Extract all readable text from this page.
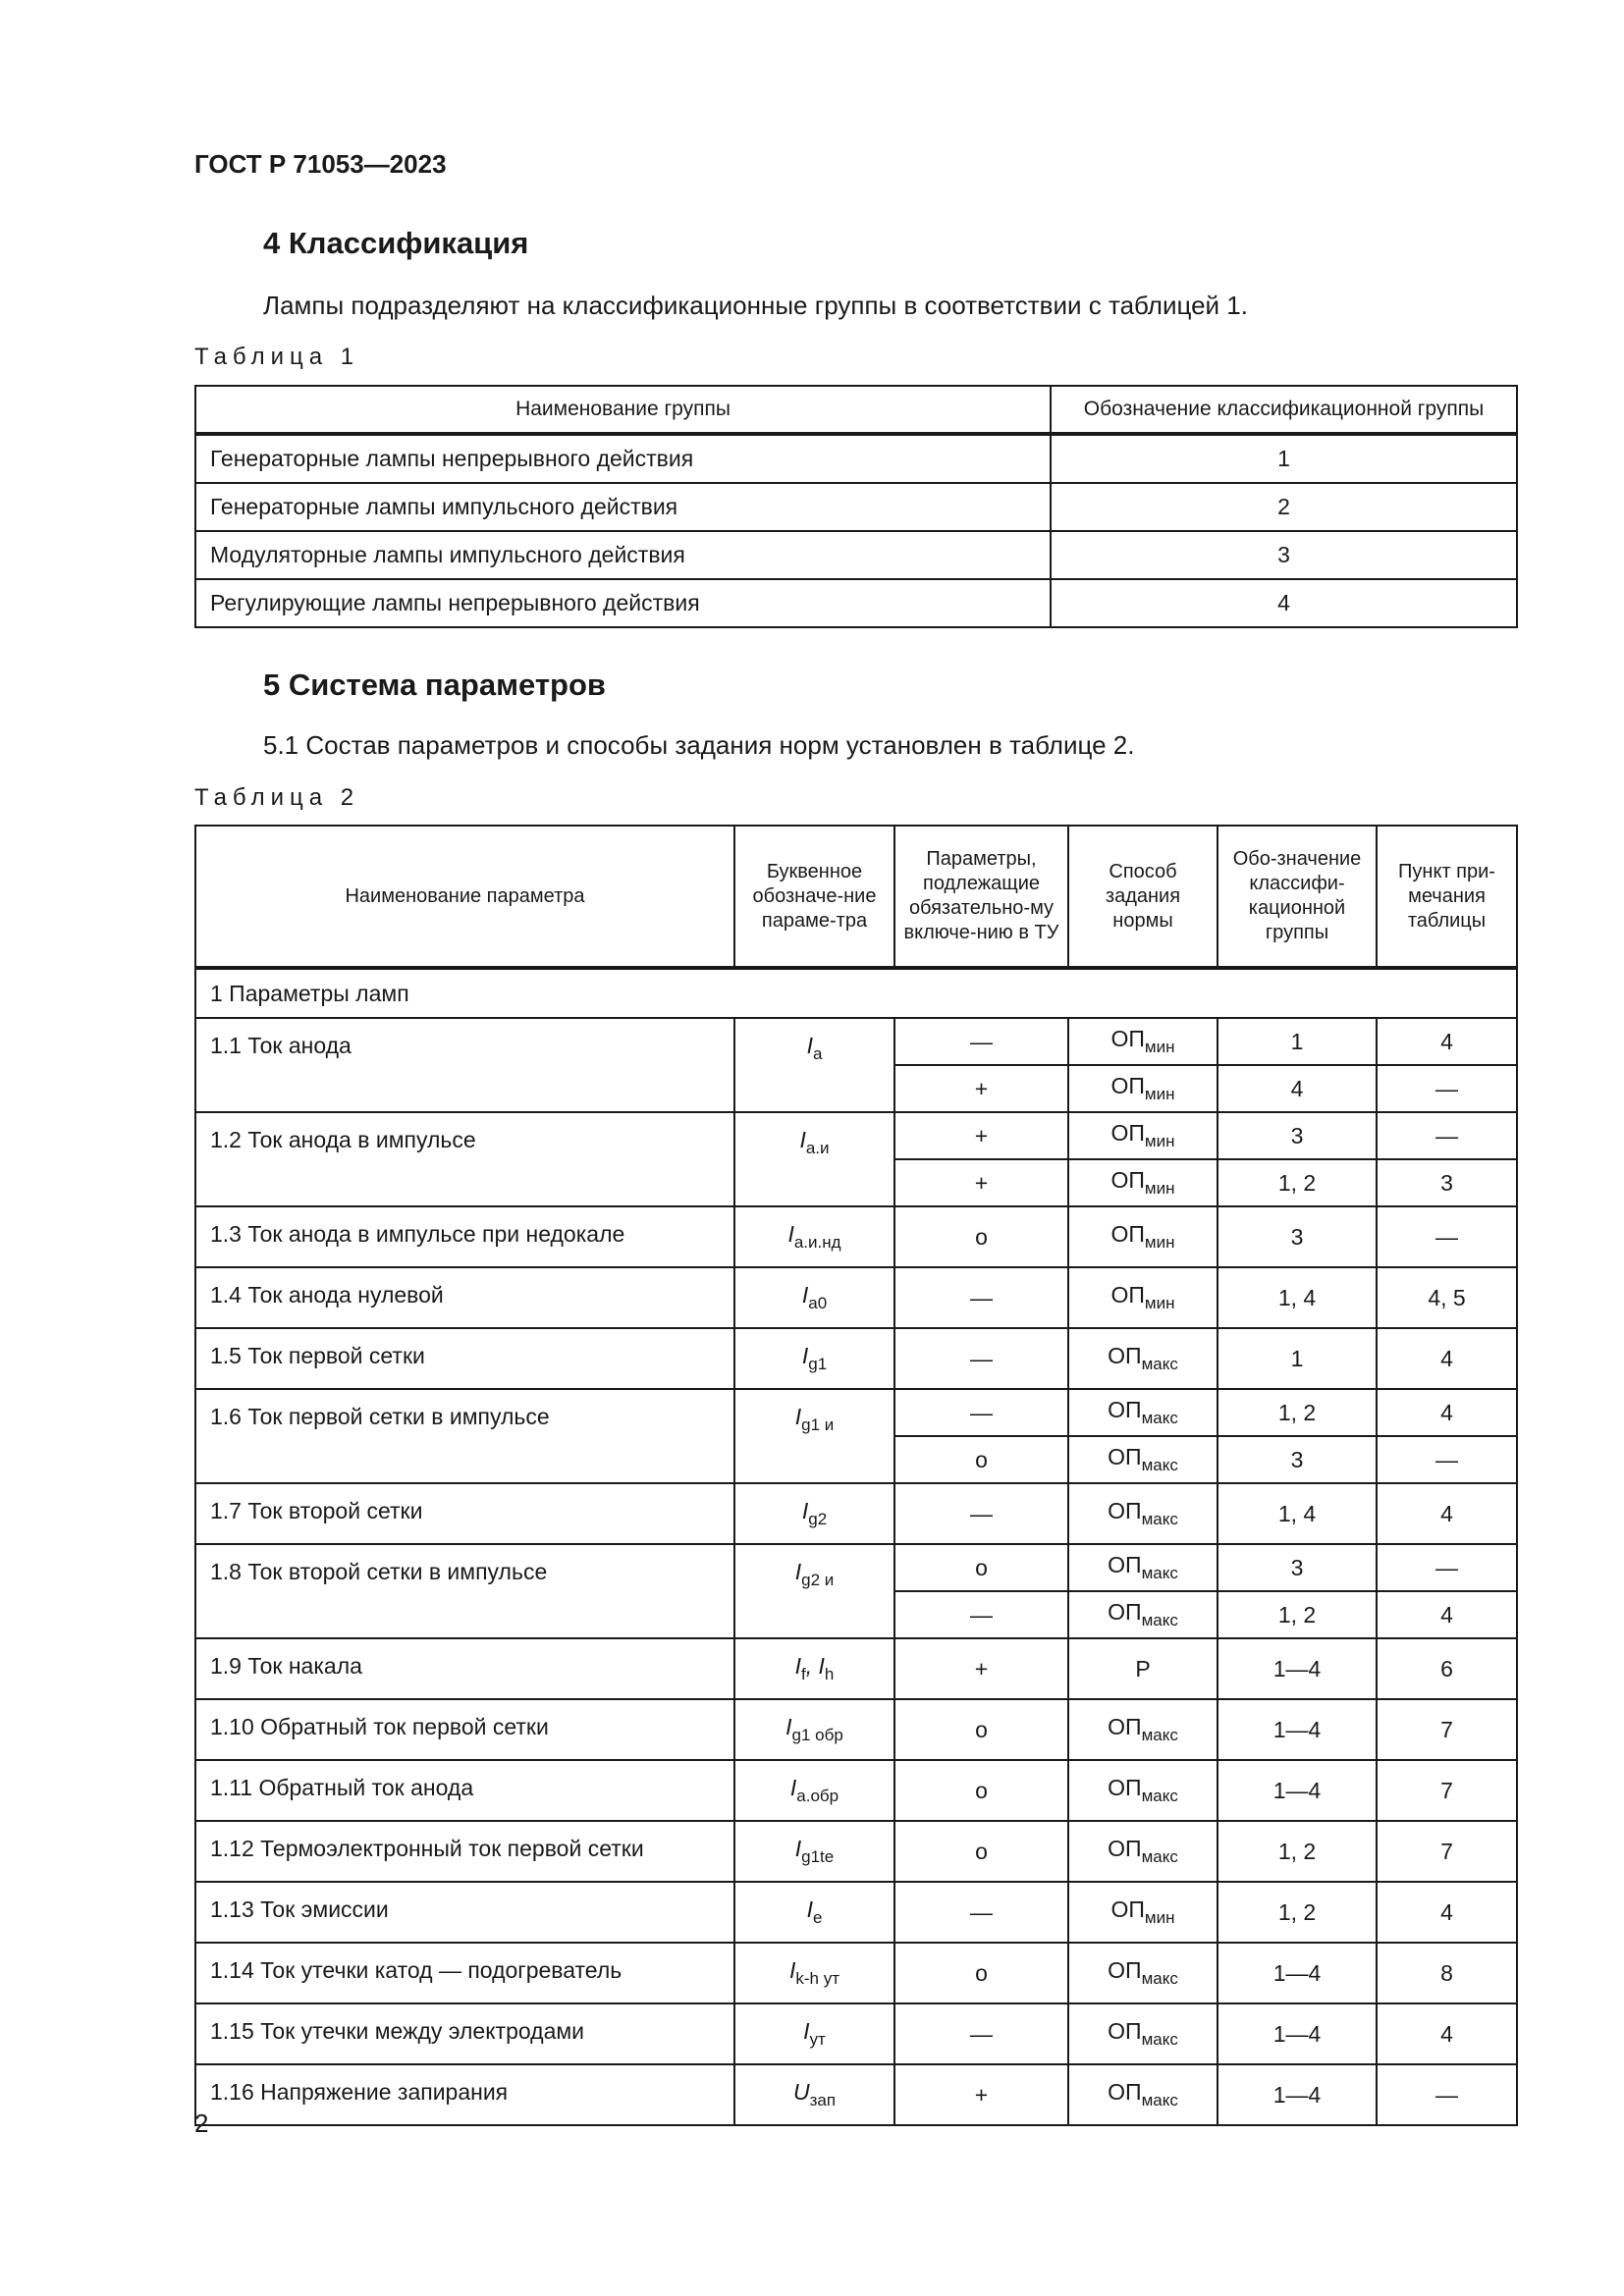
ГОСТ Р 71053—2023
4 Классификация
Лампы подразделяют на классификационные группы в соответствии с таблицей 1.
Таблица 1
Наименование группы	Обозначение классификационной группы
Генераторные лампы непрерывного действия	1
Генераторные лампы импульсного действия	2
Модуляторные лампы импульсного действия	3
Регулирующие лампы непрерывного действия	4
5 Система параметров
5.1 Состав параметров и способы задания норм установлен в таблице 2.
Таблица 2
Наименование параметра	Буквенное обозначе-ние параме-тра	Параметры, подлежащие обязательно-му включе-нию в ТУ	Способ задания нормы	Обо-значение классифи-кационной группы	Пункт при-мечания таблицы
1 Параметры ламп					
1.1 Ток анода	$I_a$	—	$ОП_{мин}$	1	4
		+	$ОП_{мин}$	4	—
1.2 Ток анода в импульсе	$I_{а.и}$	+	$ОП_{мин}$	3	—
		+	$ОП_{мин}$	1, 2	3
1.3 Ток анода в импульсе при недокале	$I_{а.и.нд}$	о	$ОП_{мин}$	3	—
1.4 Ток анода нулевой	$I_{а0}$	—	$ОП_{мин}$	1, 4	4, 5
1.5 Ток первой сетки	$I_{g1}$	—	$ОП_{макс}$	1	4
1.6 Ток первой сетки в импульсе	$I_{g1 и}$	—	$ОП_{макс}$	1, 2	4
		о	$ОП_{макс}$	3	—
1.7 Ток второй сетки	$I_{g2}$	—	$ОП_{макс}$	1, 4	4
1.8 Ток второй сетки в импульсе	$I_{g2 и}$	о	$ОП_{макс}$	3	—
		—	$ОП_{макс}$	1, 2	4
1.9 Ток накала	$I_f$, $I_h$	+	Р	1—4	6
1.10 Обратный ток первой сетки	$I_{g1 обр}$	о	$ОП_{макс}$	1—4	7
1.11 Обратный ток анода	$I_{а.обр}$	о	$ОП_{макс}$	1—4	7
1.12 Термоэлектронный ток первой сетки	$I_{g1te}$	о	$ОП_{макс}$	1, 2	7
1.13 Ток эмиссии	$I_e$	—	$ОП_{мин}$	1, 2	4
1.14 Ток утечки катод — подогреватель	$I_{k-h ут}$	о	$ОП_{макс}$	1—4	8
1.15 Ток утечки между электродами	$I_{ут}$	—	$ОП_{макс}$	1—4	4
1.16 Напряжение запирания	$U_{зап}$	+	$ОП_{макс}$	1—4	—
2
